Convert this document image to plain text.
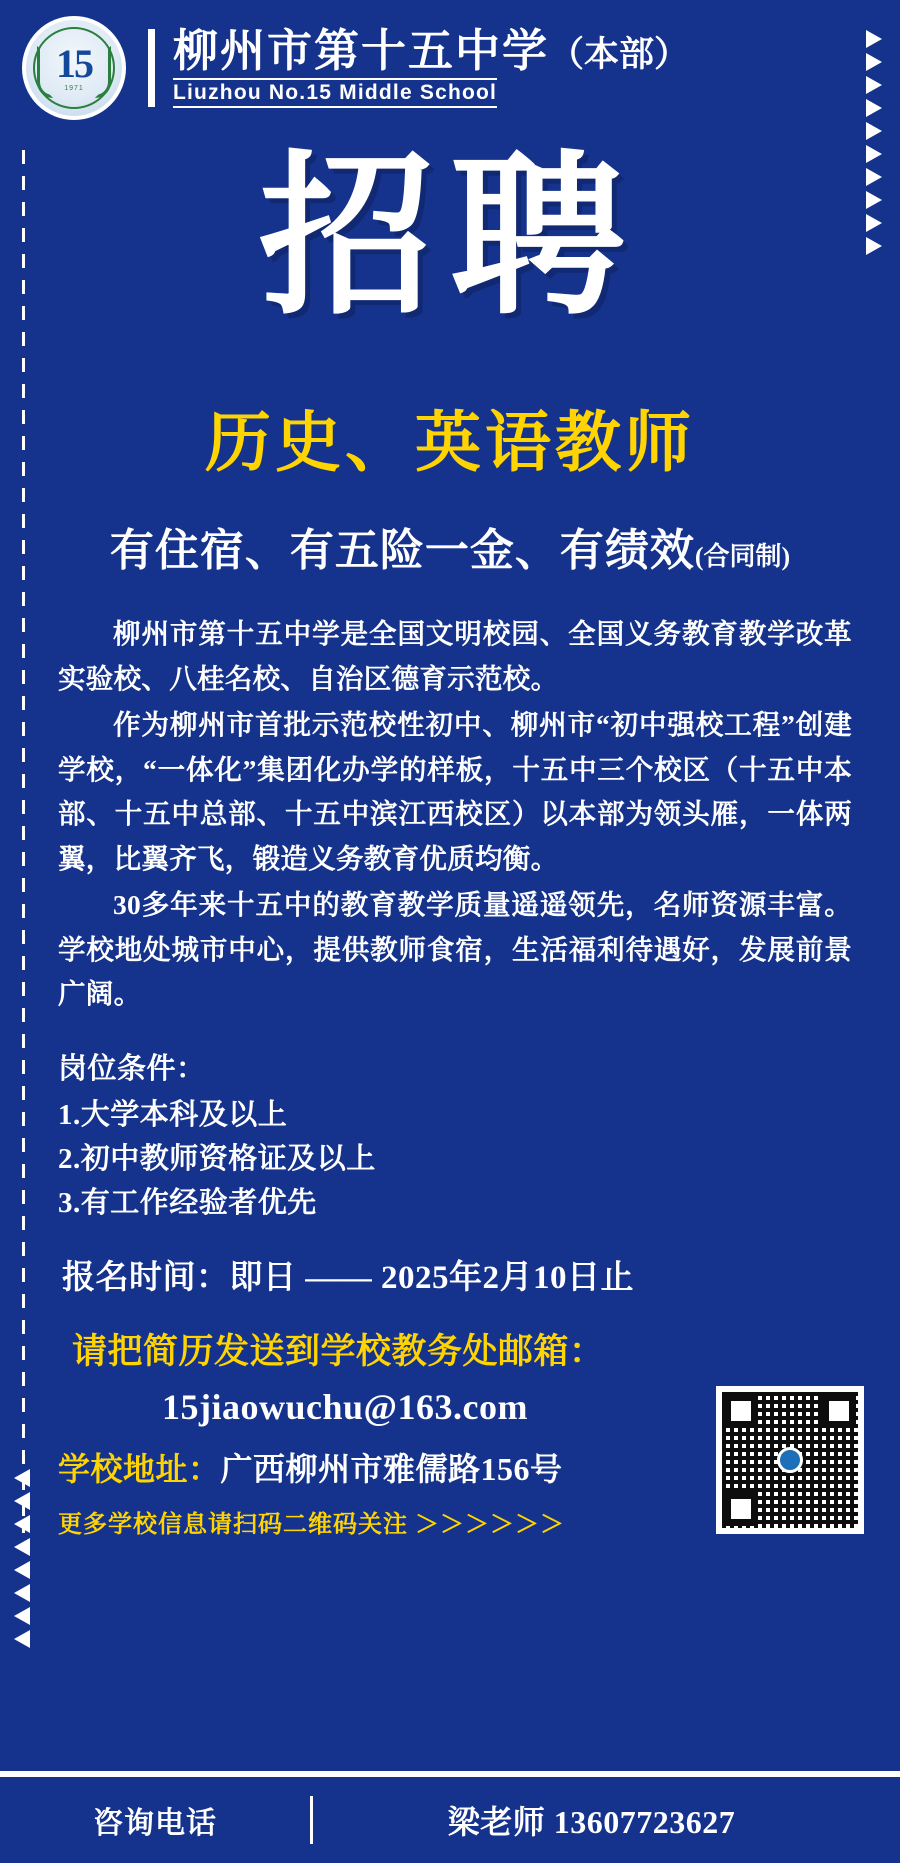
15
1971
柳州市第十五中学（本部）
Liuzhou No.15 Middle School
招聘
历史、英语教师
有住宿、有五险一金、有绩效(合同制)

柳州市第十五中学是全国文明校园、全国义务教育教学改革实验校、八桂名校、自治区德育示范校。

作为柳州市首批示范校性初中、柳州市“初中强校工程”创建学校，“一体化”集团化办学的样板，十五中三个校区（十五中本部、十五中总部、十五中滨江西校区）以本部为领头雁，一体两翼，比翼齐飞，锻造义务教育优质均衡。

30多年来十五中的教育教学质量遥遥领先，名师资源丰富。学校地处城市中心，提供教师食宿，生活福利待遇好，发展前景广阔。

岗位条件：
1.大学本科及以上
2.初中教师资格证及以上
3.有工作经验者优先
报名时间：即日 —— 2025年2月10日止
请把简历发送到学校教务处邮箱：
15jiaowuchu@163.com
学校地址：广西柳州市雅儒路156号
更多学校信息请扫码二维码关注 ＞＞＞＞＞＞
咨询电话	梁老师 13607723627
